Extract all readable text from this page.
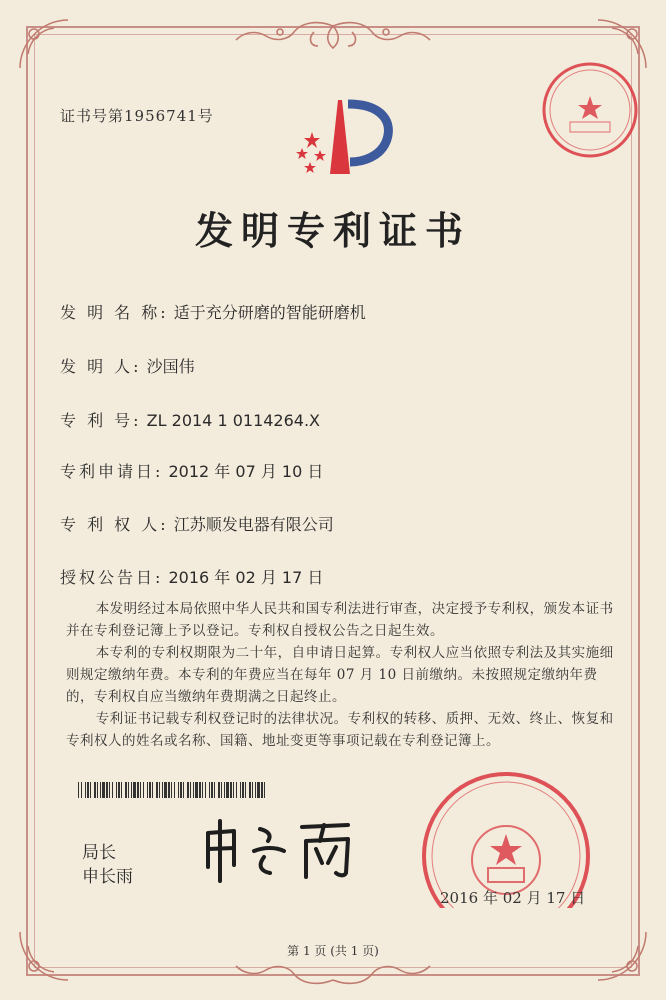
证书号第1956741号
发明专利证书
发 明 名 称: 适于充分研磨的智能研磨机
发 明 人: 沙国伟
专 利 号: ZL 2014 1 0114264.X
专利申请日: 2012 年 07 月 10 日
专 利 权 人: 江苏顺发电器有限公司
授权公告日: 2016 年 02 月 17 日

本发明经过本局依照中华人民共和国专利法进行审查，决定授予专利权，颁发本证书并在专利登记簿上予以登记。专利权自授权公告之日起生效。

本专利的专利权期限为二十年，自申请日起算。专利权人应当依照专利法及其实施细则规定缴纳年费。本专利的年费应当在每年 07 月 10 日前缴纳。未按照规定缴纳年费的，专利权自应当缴纳年费期满之日起终止。

专利证书记载专利权登记时的法律状况。专利权的转移、质押、无效、终止、恢复和专利权人的姓名或名称、国籍、地址变更等事项记载在专利登记簿上。

局长
申长雨
2016 年 02 月 17 日
第 1 页 (共 1 页)
